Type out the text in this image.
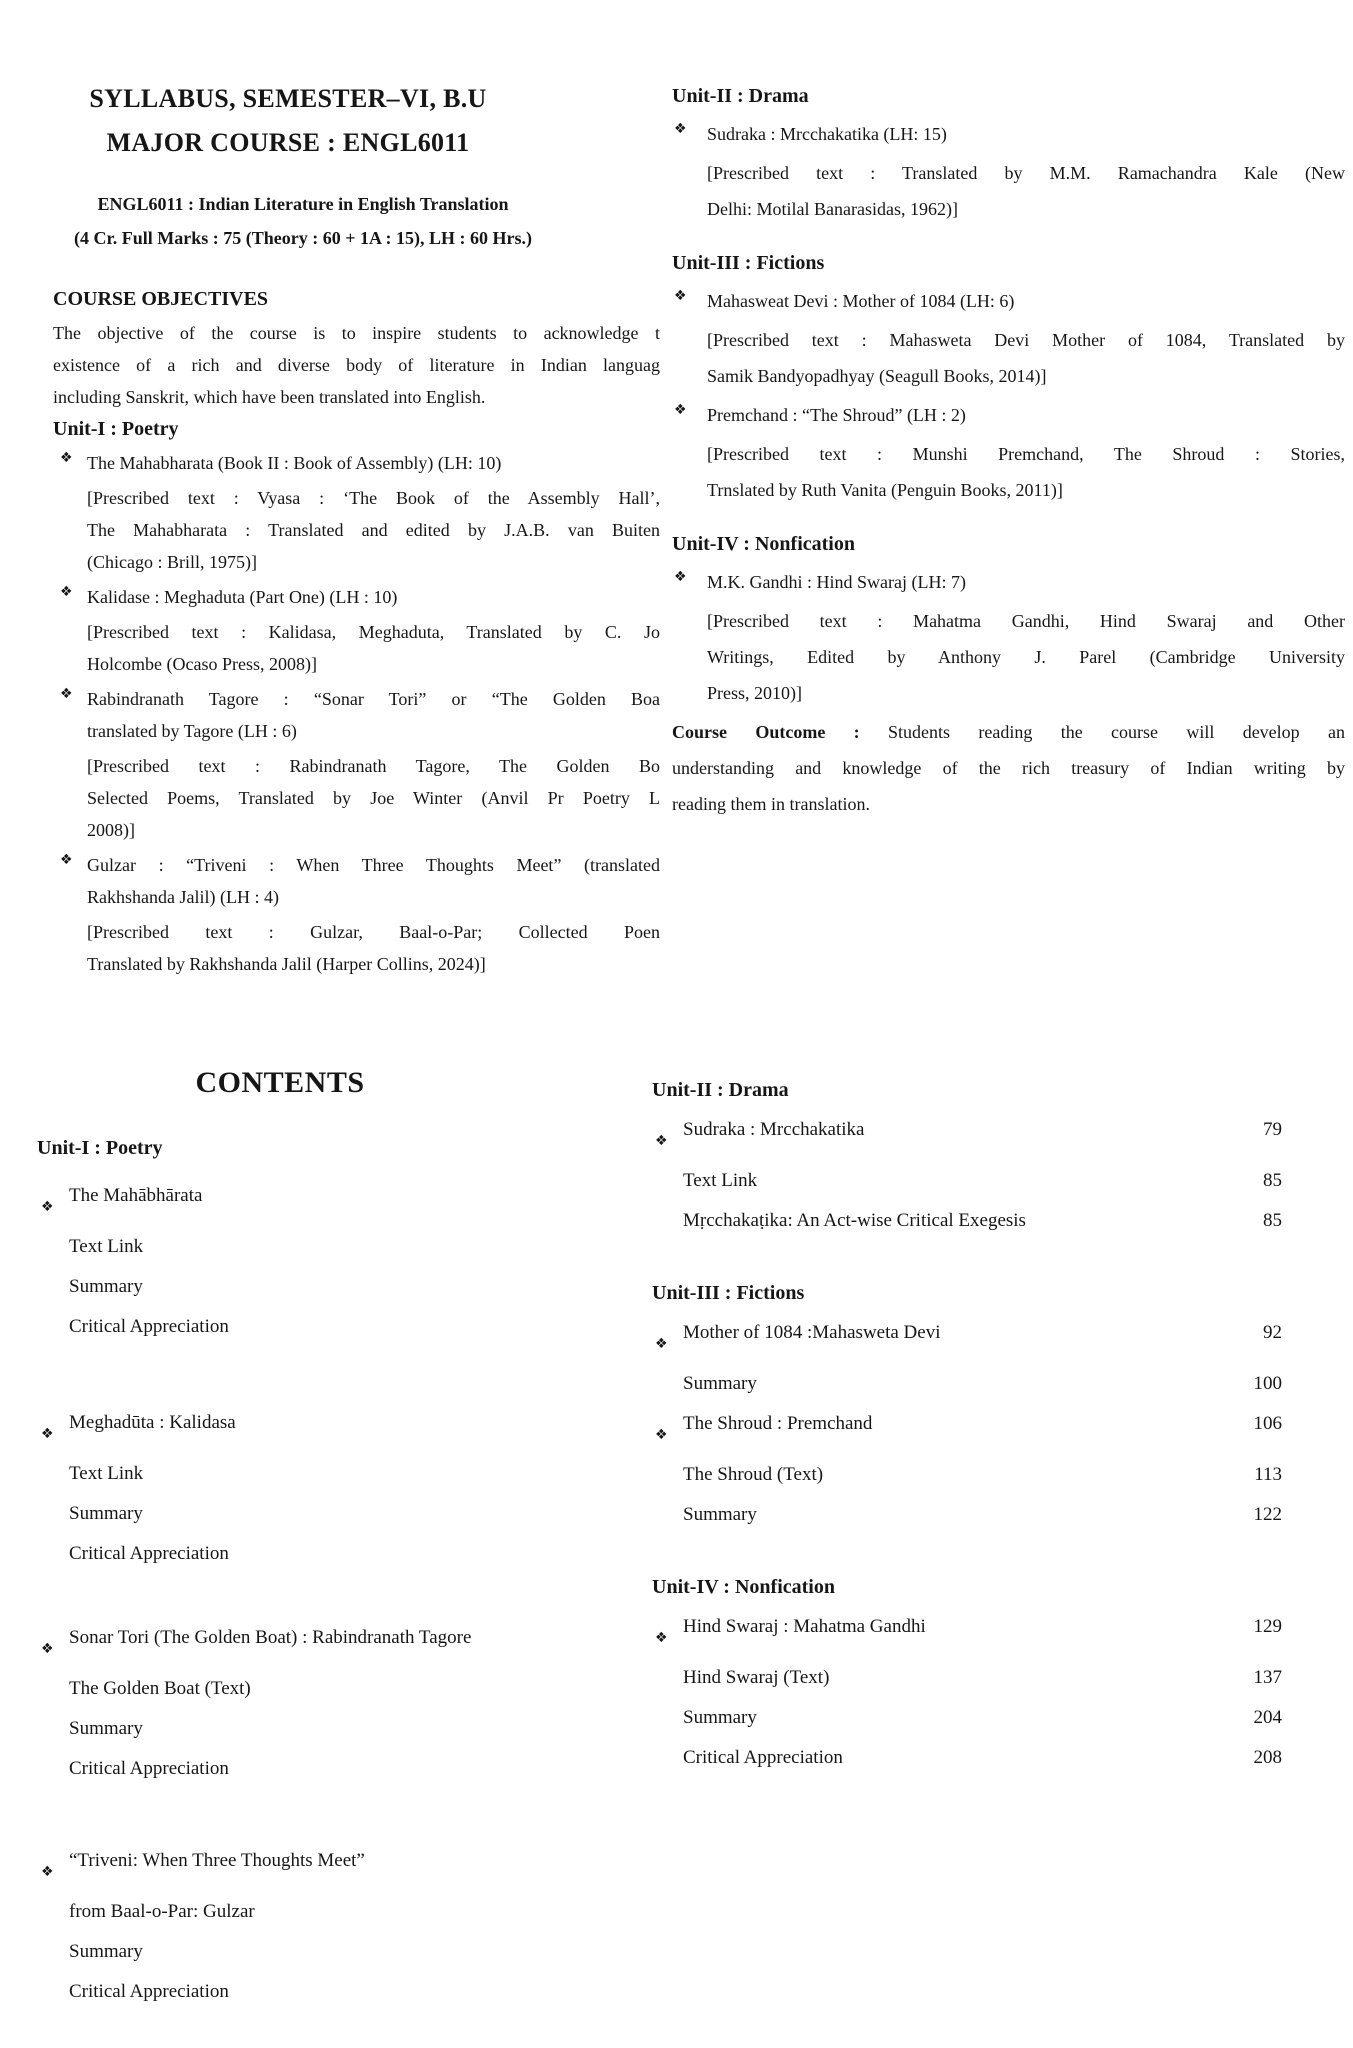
SYLLABUS, SEMESTER–VI, B.U
MAJOR COURSE : ENGL6011
ENGL6011 : Indian Literature in English Translation
(4 Cr. Full Marks : 75 (Theory : 60 + 1A : 15), LH : 60 Hrs.)
COURSE OBJECTIVES
The objective of the course is to inspire students to acknowledge t
existence of a rich and diverse body of literature in Indian languag
including Sanskrit, which have been translated into English.
Unit-I : Poetry
❖ The Mahabharata (Book II : Book of Assembly) (LH: 10)
[Prescribed text : Vyasa : ‘The Book of the Assembly Hall’,
The Mahabharata : Translated and edited by J.A.B. van Buiten
(Chicago : Brill, 1975)]
❖ Kalidase : Meghaduta (Part One) (LH : 10)
[Prescribed text : Kalidasa, Meghaduta, Translated by C. Jo
Holcombe (Ocaso Press, 2008)]
❖ Rabindranath Tagore : “Sonar Tori” or “The Golden Boa
translated by Tagore (LH : 6)
[Prescribed text : Rabindranath Tagore, The Golden Bo
Selected Poems, Translated by Joe Winter (Anvil Pr Poetry L
2008)]
❖ Gulzar : “Triveni : When Three Thoughts Meet” (translated
Rakhshanda Jalil) (LH : 4)
[Prescribed text : Gulzar, Baal-o-Par; Collected Poen
Translated by Rakhshanda Jalil (Harper Collins, 2024)]
Unit-II : Drama
❖	Sudraka : Mrcchakatika (LH: 15)
[Prescribed text : Translated by M.M. Ramachandra Kale (New
Delhi: Motilal Banarasidas, 1962)]
Unit-III : Fictions
❖	Mahasweat Devi : Mother of 1084 (LH: 6)
[Prescribed text : Mahasweta Devi Mother of 1084, Translated by
Samik Bandyopadhyay (Seagull Books, 2014)]
❖	Premchand : “The Shroud” (LH : 2)
[Prescribed text : Munshi Premchand, The Shroud : Stories,
Trnslated by Ruth Vanita (Penguin Books, 2011)]
Unit-IV : Nonfication
❖	M.K. Gandhi : Hind Swaraj (LH: 7)
[Prescribed text : Mahatma Gandhi, Hind Swaraj and Other
Writings, Edited by Anthony J. Parel (Cambridge University
Press, 2010)]
Course Outcome : Students reading the course will develop an
understanding and knowledge of the rich treasury of Indian writing by
reading them in translation.
CONTENTS
Unit-I : Poetry
❖
The Mahābhārata
Text Link
Summary
Critical Appreciation
❖
Meghadūta : Kalidasa
Text Link
Summary
Critical Appreciation
❖
Sonar Tori (The Golden Boat) : Rabindranath Tagore
The Golden Boat (Text)
Summary
Critical Appreciation
❖
“Triveni: When Three Thoughts Meet”
from Baal-o-Par: Gulzar
Summary
Critical Appreciation
Unit-II : Drama
❖
Sudraka : Mrcchakatika	79
Text Link	85
Mṛcchakaṭika: An Act-wise Critical Exegesis	85
Unit-III : Fictions
❖
Mother of 1084 :Mahasweta Devi	92
Summary	100
❖
The Shroud : Premchand	106
The Shroud (Text)	113
Summary	122
Unit-IV : Nonfication
❖
Hind Swaraj : Mahatma Gandhi	129
Hind Swaraj (Text)	137
Summary	204
Critical Appreciation	208
